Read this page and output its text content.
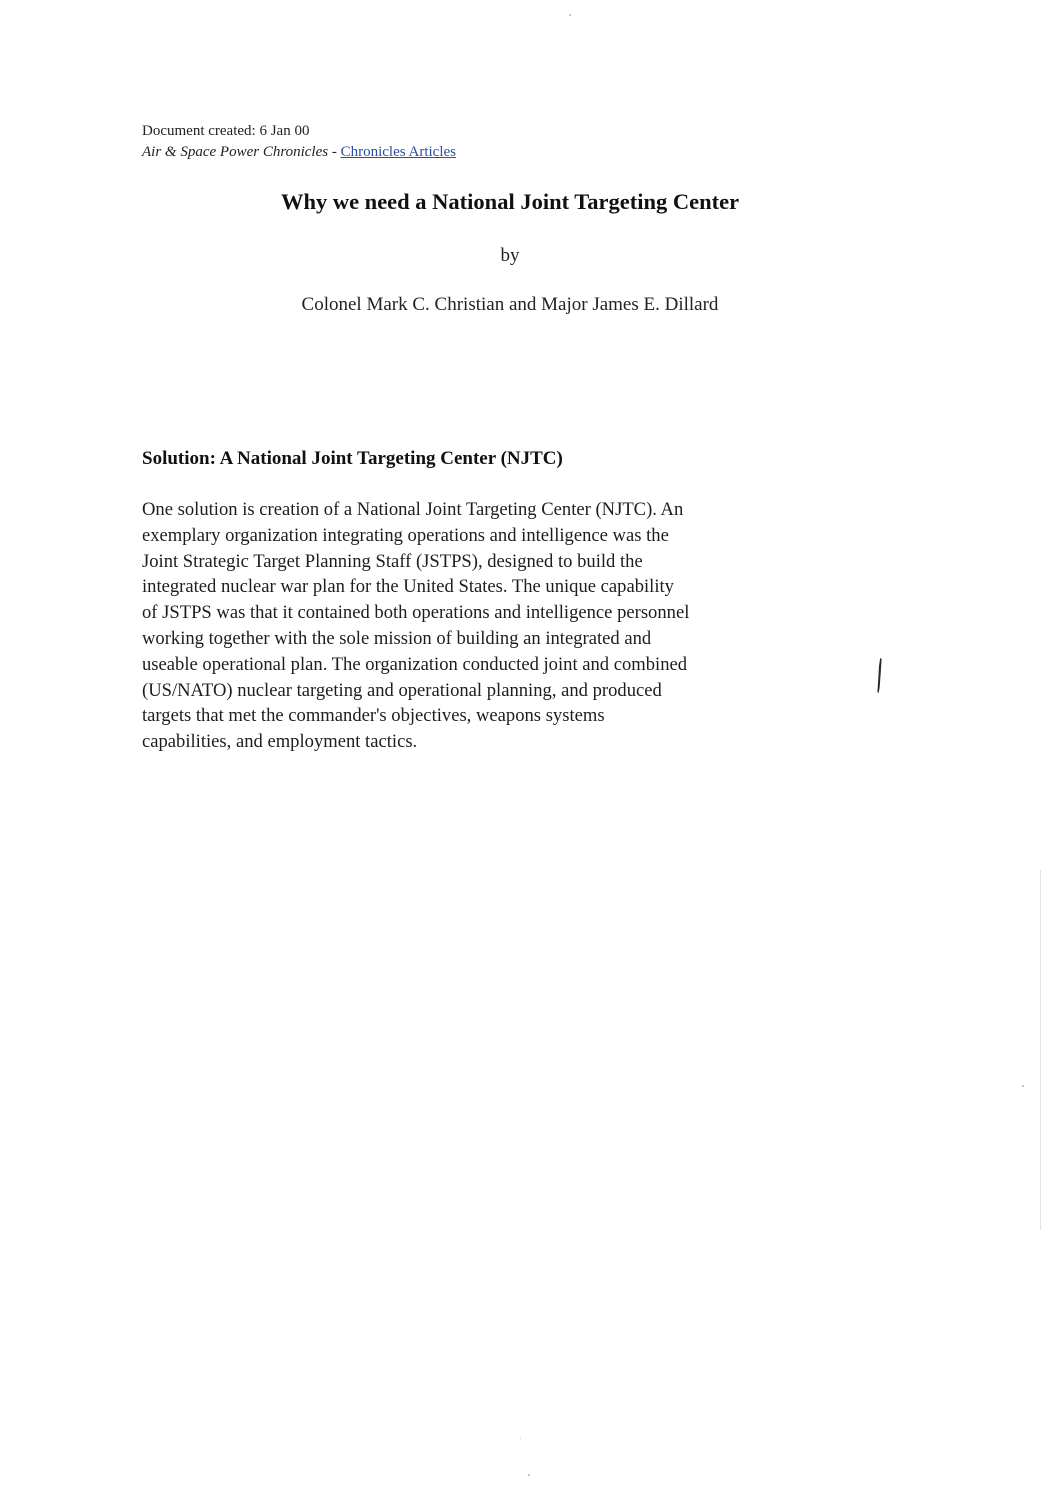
Document created: 6 Jan 00
Air & Space Power Chronicles - Chronicles Articles
Why we need a National Joint Targeting Center
by
Colonel Mark C. Christian and Major James E. Dillard
Solution: A National Joint Targeting Center (NJTC)

One solution is creation of a National Joint Targeting Center (NJTC). An
exemplary organization integrating operations and intelligence was the
Joint Strategic Target Planning Staff (JSTPS), designed to build the
integrated nuclear war plan for the United States. The unique capability
of JSTPS was that it contained both operations and intelligence personnel
working together with the sole mission of building an integrated and
useable operational plan. The organization conducted joint and combined
(US/NATO) nuclear targeting and operational planning, and produced
targets that met the commander's objectives, weapons systems
capabilities, and employment tactics.
